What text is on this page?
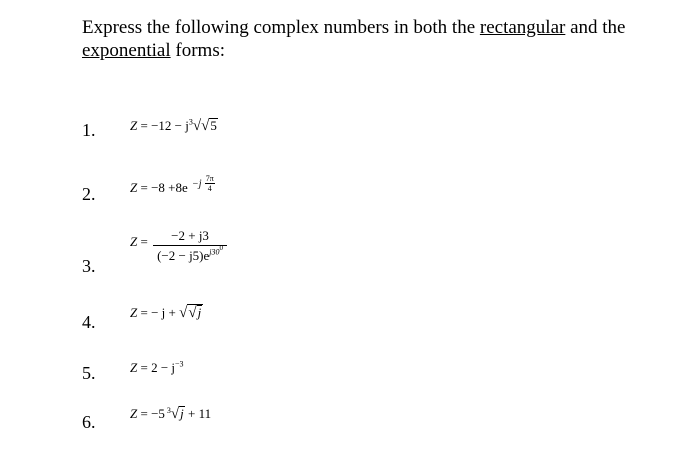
Express the following complex numbers in both the rectangular and the exponential forms:
1.	$Z = -12 - j^3√√5$
2.	$Z = -8 +8e -j \frac{7\pi}{4}$
3.
$Z = \frac{-2 + j3}{(-2 - j5)e^{j300}}$
4.	Z = − j + √√j
5.	$Z = 2 - j^{-3}$
6.	Z = −5 $^3$√j + 11
